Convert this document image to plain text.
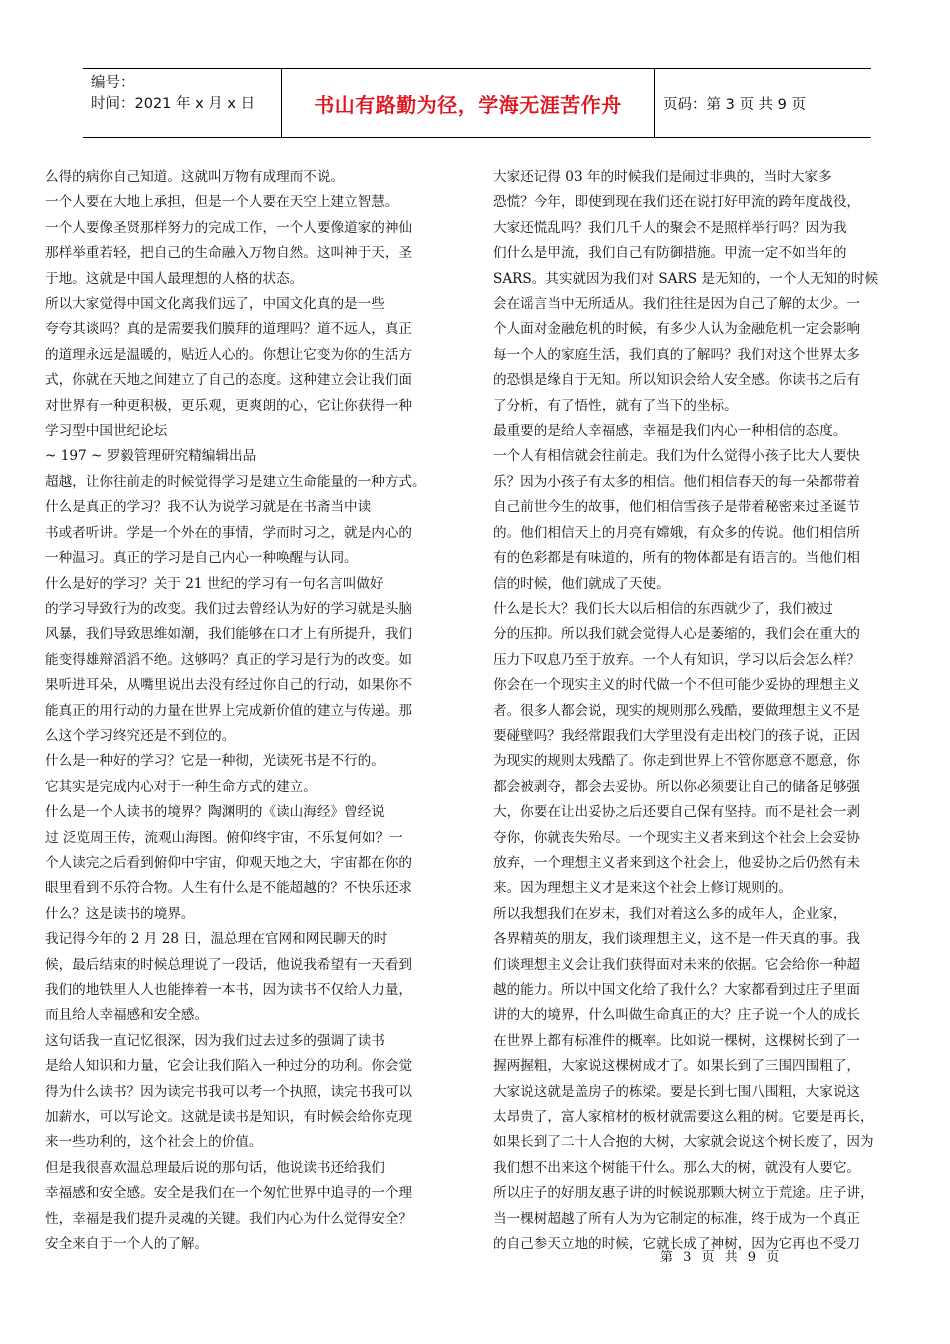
编号：
时间：2021 年 x 月 x 日	书山有路勤为径，学海无涯苦作舟	页码：第 3 页 共 9 页

么得的病你自己知道。这就叫万物有成理而不说。

一个人要在大地上承担，但是一个人要在天空上建立智慧。

一个人要像圣贤那样努力的完成工作，一个人要像道家的神仙

那样举重若轻，把自己的生命融入万物自然。这叫神于天，圣

于地。这就是中国人最理想的人格的状态。

所以大家觉得中国文化离我们远了，中国文化真的是一些

夸夸其谈吗？真的是需要我们膜拜的道理吗？道不远人，真正

的道理永远是温暖的，贴近人心的。你想让它变为你的生活方

式，你就在天地之间建立了自己的态度。这种建立会让我们面

对世界有一种更积极，更乐观，更爽朗的心，它让你获得一种

学习型中国世纪论坛

~ 197 ~ 罗毅管理研究精编辑出品

超越，让你往前走的时候觉得学习是建立生命能量的一种方式。

什么是真正的学习？我不认为说学习就是在书斋当中读

书或者听讲。学是一个外在的事情，学而时习之，就是内心的

一种温习。真正的学习是自己内心一种唤醒与认同。

什么是好的学习？关于 21 世纪的学习有一句名言叫做好

的学习导致行为的改变。我们过去曾经认为好的学习就是头脑

风暴，我们导致思维如潮，我们能够在口才上有所提升，我们

能变得雄辩滔滔不绝。这够吗？真正的学习是行为的改变。如

果听进耳朵，从嘴里说出去没有经过你自己的行动，如果你不

能真正的用行动的力量在世界上完成新价值的建立与传递。那

么这个学习终究还是不到位的。

什么是一种好的学习？它是一种彻，光读死书是不行的。

它其实是完成内心对于一种生命方式的建立。

什么是一个人读书的境界？陶渊明的《读山海经》曾经说

过 泛览周王传，流观山海图。俯仰终宇宙，不乐复何如？一

个人读完之后看到俯仰中宇宙，仰观天地之大，宇宙都在你的

眼里看到不乐符合物。人生有什么是不能超越的？不快乐还求

什么？这是读书的境界。

我记得今年的 2 月 28 日，温总理在官网和网民聊天的时

候，最后结束的时候总理说了一段话，他说我希望有一天看到

我们的地铁里人人也能捧着一本书，因为读书不仅给人力量，

而且给人幸福感和安全感。

这句话我一直记忆很深，因为我们过去过多的强调了读书

是给人知识和力量，它会让我们陷入一种过分的功利。你会觉

得为什么读书？因为读完书我可以考一个执照，读完书我可以

加薪水，可以写论文。这就是读书是知识，有时候会给你克现

来一些功利的，这个社会上的价值。

但是我很喜欢温总理最后说的那句话，他说读书还给我们

幸福感和安全感。安全是我们在一个匆忙世界中追寻的一个理

性，幸福是我们提升灵魂的关键。我们内心为什么觉得安全？

安全来自于一个人的了解。

大家还记得 03 年的时候我们是闹过非典的，当时大家多

恐慌？今年，即使到现在我们还在说打好甲流的跨年度战役，

大家还慌乱吗？我们几千人的聚会不是照样举行吗？因为我

们什么是甲流，我们自己有防御措施。甲流一定不如当年的

SARS。其实就因为我们对 SARS 是无知的，一个人无知的时候

会在谣言当中无所适从。我们往往是因为自己了解的太少。一

个人面对金融危机的时候，有多少人认为金融危机一定会影响

每一个人的家庭生活，我们真的了解吗？我们对这个世界太多

的恐惧是缘自于无知。所以知识会给人安全感。你读书之后有

了分析，有了悟性，就有了当下的坐标。

最重要的是给人幸福感，幸福是我们内心一种相信的态度。

一个人有相信就会往前走。我们为什么觉得小孩子比大人要快

乐？因为小孩子有太多的相信。他们相信春天的每一朵都带着

自己前世今生的故事，他们相信雪孩子是带着秘密来过圣诞节

的。他们相信天上的月亮有嫦娥，有众多的传说。他们相信所

有的色彩都是有味道的，所有的物体都是有语言的。当他们相

信的时候，他们就成了天使。

什么是长大？我们长大以后相信的东西就少了，我们被过

分的压抑。所以我们就会觉得人心是萎缩的，我们会在重大的

压力下叹息乃至于放弃。一个人有知识，学习以后会怎么样？

你会在一个现实主义的时代做一个不但可能少妥协的理想主义

者。很多人都会说，现实的规则那么残酷，要做理想主义不是

要碰壁吗？我经常跟我们大学里没有走出校门的孩子说，正因

为现实的规则太残酷了。你走到世界上不管你愿意不愿意，你

都会被剥夺，都会去妥协。所以你必须要让自己的储备足够强

大，你要在让出妥协之后还要自己保有坚持。而不是社会一剥

夺你，你就丧失殆尽。一个现实主义者来到这个社会上会妥协

放弃，一个理想主义者来到这个社会上，他妥协之后仍然有未

来。因为理想主义才是来这个社会上修订规则的。

所以我想我们在岁末，我们对着这么多的成年人，企业家，

各界精英的朋友，我们谈理想主义，这不是一件天真的事。我

们谈理想主义会让我们获得面对未来的依据。它会给你一种超

越的能力。所以中国文化给了我什么？大家都看到过庄子里面

讲的大的境界，什么叫做生命真正的大？庄子说一个人的成长

在世界上都有标准件的概率。比如说一棵树，这棵树长到了一

握两握粗，大家说这棵树成才了。如果长到了三围四围粗了，

大家说这就是盖房子的栋梁。要是长到七围八围粗，大家说这

太昂贵了，富人家棺材的板材就需要这么粗的树。它要是再长，

如果长到了二十人合抱的大树，大家就会说这个树长废了，因为

我们想不出来这个树能干什么。那么大的树，就没有人要它。

所以庄子的好朋友惠子讲的时候说那颗大树立于荒途。庄子讲，

当一棵树超越了所有人为为它制定的标准，终于成为一个真正

的自己参天立地的时候，它就长成了神树，因为它再也不受刀

第 3 页 共 9 页
